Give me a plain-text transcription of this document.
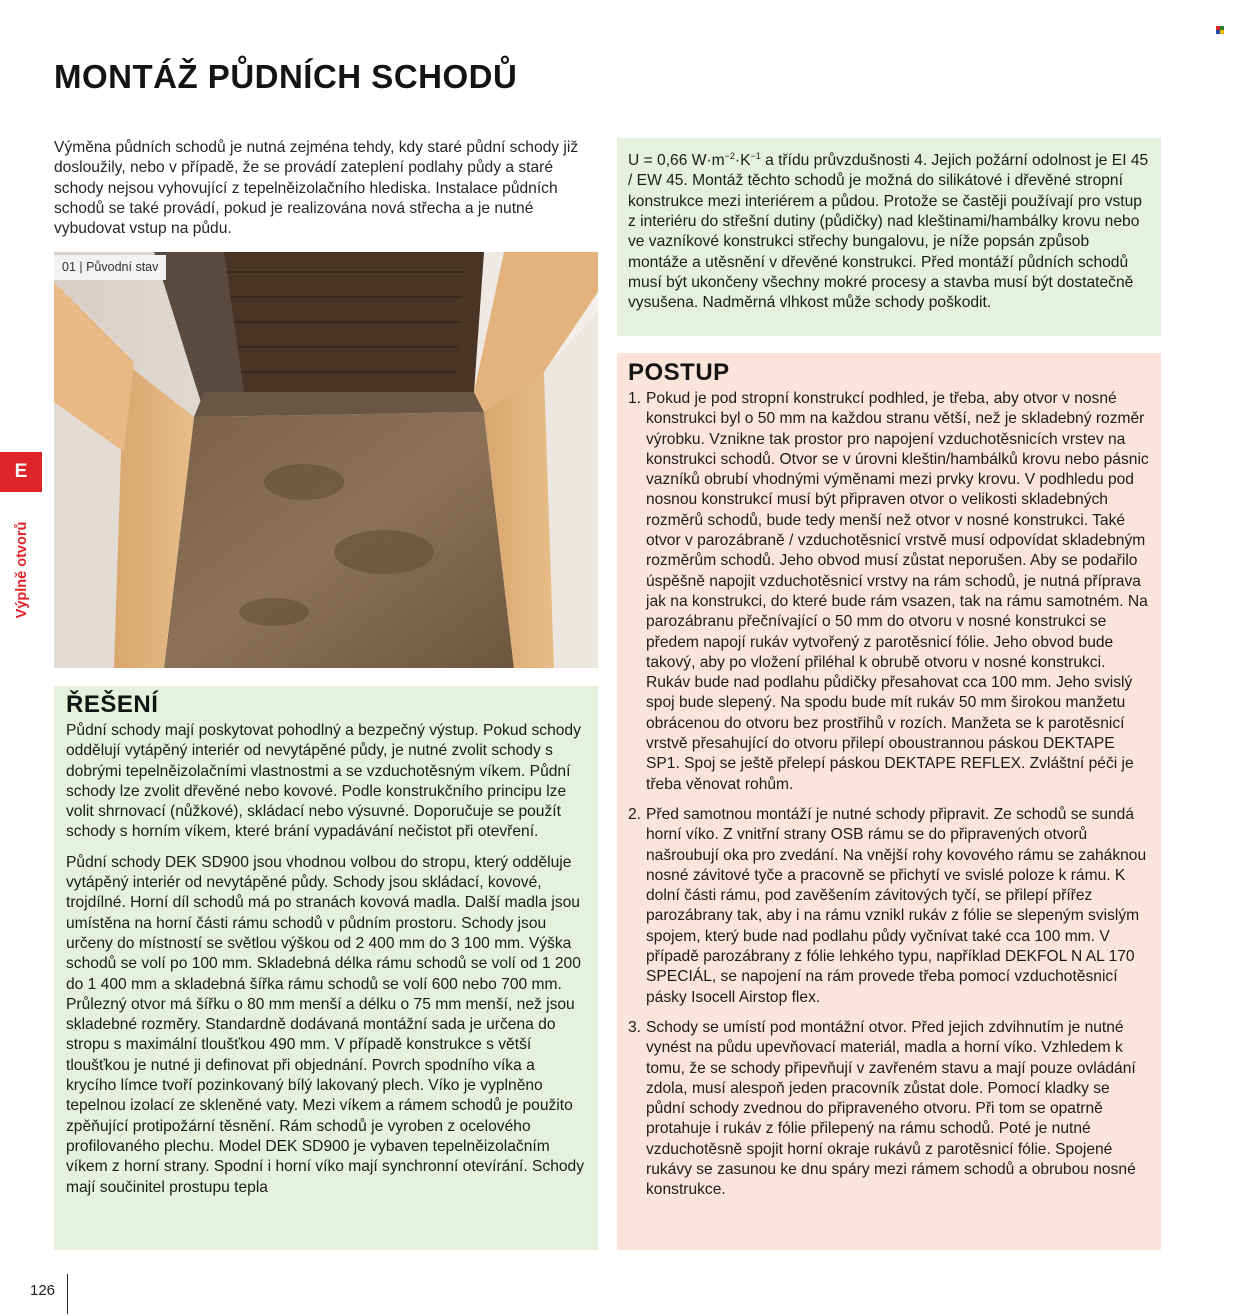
MONTÁŽ PŮDNÍCH SCHODŮ
Výměna půdních schodů je nutná zejména tehdy, kdy staré půdní schody již dosloužily, nebo v případě, že se provádí zateplení podlahy půdy a staré schody nejsou vyhovující z tepelněizolačního hlediska. Instalace půdních schodů se také provádí, pokud je realizována nová střecha a je nutné vybudovat vstup na půdu.
01 | Původní stav
E
Výplně otvorů
ŘEŠENÍ

Půdní schody mají poskytovat pohodlný a bezpečný výstup. Pokud schody oddělují vytápěný interiér od nevytápěné půdy, je nutné zvolit schody s dobrými tepelněizolačními vlastnostmi a se vzduchotěsným víkem. Půdní schody lze zvolit dřevěné nebo kovové. Podle konstrukčního principu lze volit shrnovací (nůžkové), skládací nebo výsuvné. Doporučuje se použít schody s horním víkem, které brání vypadávání nečistot při otevření.

Půdní schody DEK SD900 jsou vhodnou volbou do stropu, který odděluje vytápěný interiér od nevytápěné půdy. Schody jsou skládací, kovové, trojdílné. Horní díl schodů má po stranách kovová madla. Další madla jsou umístěna na horní části rámu schodů v půdním prostoru. Schody jsou určeny do místností se světlou výškou od 2 400 mm do 3 100 mm. Výška schodů se volí po 100 mm. Skladebná délka rámu schodů se volí od 1 200 do 1 400 mm a skladebná šířka rámu schodů se volí 600 nebo 700 mm. Průlezný otvor má šířku o 80 mm menší a délku o 75 mm menší, než jsou skladebné rozměry. Standardně dodávaná montážní sada je určena do stropu s maximální tloušťkou 490 mm. V případě konstrukce s větší tloušťkou je nutné ji definovat při objednání. Povrch spodního víka a krycího límce tvoří pozinkovaný bílý lakovaný plech. Víko je vyplněno tepelnou izolací ze skleněné vaty. Mezi víkem a rámem schodů je použito zpěňující protipožární těsnění. Rám schodů je vyroben z ocelového profilovaného plechu. Model DEK SD900 je vybaven tepelněizolačním víkem z horní strany. Spodní i horní víko mají synchronní otevírání. Schody mají součinitel prostupu tepla

U = 0,66 $W\cdot m^{-2}\cdot K^{-1}$ a třídu průvzdušnosti 4. Jejich požární odolnost je EI 45 / EW 45. Montáž těchto schodů je možná do silikátové i dřevěné stropní konstrukce mezi interiérem a půdou. Protože se častěji používají pro vstup z interiéru do střešní dutiny (půdičky) nad kleštinami/hambálky krovu nebo ve vazníkové konstrukci střechy bungalovu, je níže popsán způsob montáže a utěsnění v dřevěné konstrukci. Před montáží půdních schodů musí být ukončeny všechny mokré procesy a stavba musí být dostatečně vysušena. Nadměrná vlhkost může schody poškodit.

POSTUP
1. Pokud je pod stropní konstrukcí podhled, je třeba, aby otvor v nosné konstrukci byl o 50 mm na každou stranu větší, než je skladebný rozměr výrobku. Vznikne tak prostor pro napojení vzduchotěsnicích vrstev na konstrukci schodů. Otvor se v úrovni kleštin/hambálků krovu nebo pásnic vazníků obrubí vhodnými výměnami mezi prvky krovu. V podhledu pod nosnou konstrukcí musí být připraven otvor o velikosti skladebných rozměrů schodů, bude tedy menší než otvor v nosné konstrukci. Také otvor v parozábraně / vzduchotěsnicí vrstvě musí odpovídat skladebným rozměrům schodů. Jeho obvod musí zůstat neporušen. Aby se podařilo úspěšně napojit vzduchotěsnicí vrstvy na rám schodů, je nutná příprava jak na konstrukci, do které bude rám vsazen, tak na rámu samotném. Na parozábranu přečnívající o 50 mm do otvoru v nosné konstrukci se předem napojí rukáv vytvořený z parotěsnicí fólie. Jeho obvod bude takový, aby po vložení přiléhal k obrubě otvoru v nosné konstrukci. Rukáv bude nad podlahu půdičky přesahovat cca 100 mm. Jeho svislý spoj bude slepený. Na spodu bude mít rukáv 50 mm širokou manžetu obrácenou do otvoru bez prostřihů v rozích. Manžeta se k parotěsnicí vrstvě přesahující do otvoru přilepí oboustrannou páskou DEKTAPE SP1. Spoj se ještě přelepí páskou DEKTAPE REFLEX. Zvláštní péči je třeba věnovat rohům.
2. Před samotnou montáží je nutné schody připravit. Ze schodů se sundá horní víko. Z vnitřní strany OSB rámu se do připravených otvorů našroubují oka pro zvedání. Na vnější rohy kovového rámu se zaháknou nosné závitové tyče a pracovně se přichytí ve svislé poloze k rámu. K dolní části rámu, pod zavěšením závitových tyčí, se přilepí přířez parozábrany tak, aby i na rámu vznikl rukáv z fólie se slepeným svislým spojem, který bude nad podlahu půdy vyčnívat také cca 100 mm. V případě parozábrany z fólie lehkého typu, například DEKFOL N AL 170 SPECIÁL, se napojení na rám provede třeba pomocí vzduchotěsnicí pásky Isocell Airstop flex.
3. Schody se umístí pod montážní otvor. Před jejich zdvihnutím je nutné vynést na půdu upevňovací materiál, madla a horní víko. Vzhledem k tomu, že se schody připevňují v zavřeném stavu a mají pouze ovládání zdola, musí alespoň jeden pracovník zůstat dole. Pomocí kladky se půdní schody zvednou do připraveného otvoru. Při tom se opatrně protahuje i rukáv z fólie přilepený na rámu schodů. Poté je nutné vzduchotěsně spojit horní okraje rukávů z parotěsnicí fólie. Spojené rukávy se zasunou ke dnu spáry mezi rámem schodů a obrubou nosné konstrukce.
126
